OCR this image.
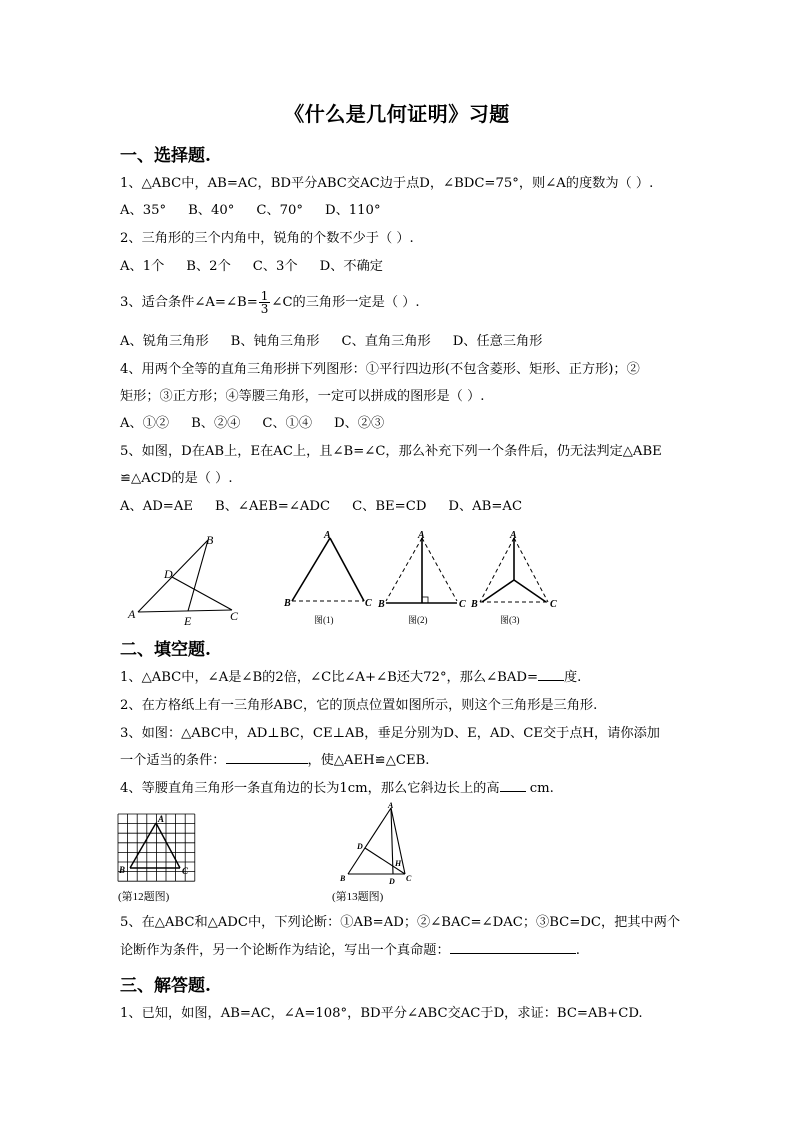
《什么是几何证明》习题
一、选择题.
1、△ABC中，AB=AC，BD平分ABC交AC边于点D，∠BDC=75°，则∠A的度数为（ ）.
A、35° B、40° C、70° D、110°
2、三角形的三个内角中，锐角的个数不少于（ ）.
A、1个 B、2个 C、3个 D、不确定
3、适合条件∠A=∠B= $\frac{1}{3}$ ∠C的三角形一定是（ ）.
A、锐角三角形 B、钝角三角形 C、直角三角形 D、任意三角形
4、用两个全等的直角三角形拼下列图形：①平行四边形(不包含菱形、矩形、正方形)；②
矩形；③正方形；④等腰三角形，一定可以拼成的图形是（ ）.
A、①② B、②④ C、①④ D、②③
5、如图，D在AB上，E在AC上，且∠B=∠C，那么补充下列一个条件后，仍无法判定△ABE
≌△ACD的是（ ）.
A、AD=AE B、∠AEB=∠ADC C、BE=CD D、AB=AC
B
D
A	E	C
A
B	C
图(1)
A
B	C
图(2)
A
B	C
图(3)
二、填空题.
1、△ABC中，∠A是∠B的2倍，∠C比∠A+∠B还大72°，那么∠BAD= 度.
2、在方格纸上有一三角形ABC，它的顶点位置如图所示，则这个三角形是三角形.
3、如图：△ABC中，AD⊥BC，CE⊥AB，垂足分别为D、E，AD、CE交于点H，请你添加
一个适当的条件：	，使△AEH≌△CEB.
4、等腰直角三角形一条直角边的长为1cm，那么它斜边长上的高 cm.
A
B	C
(第12题图)
A
D
H
B	D C
(第13题图)
5、在△ABC和△ADC中，下列论断：①AB=AD；②∠BAC=∠DAC；③BC=DC，把其中两个
论断作为条件，另一个论断作为结论，写出一个真命题：	.
三、解答题.
1、已知，如图，AB=AC，∠A=108°，BD平分∠ABC交AC于D，求证：BC=AB+CD.
